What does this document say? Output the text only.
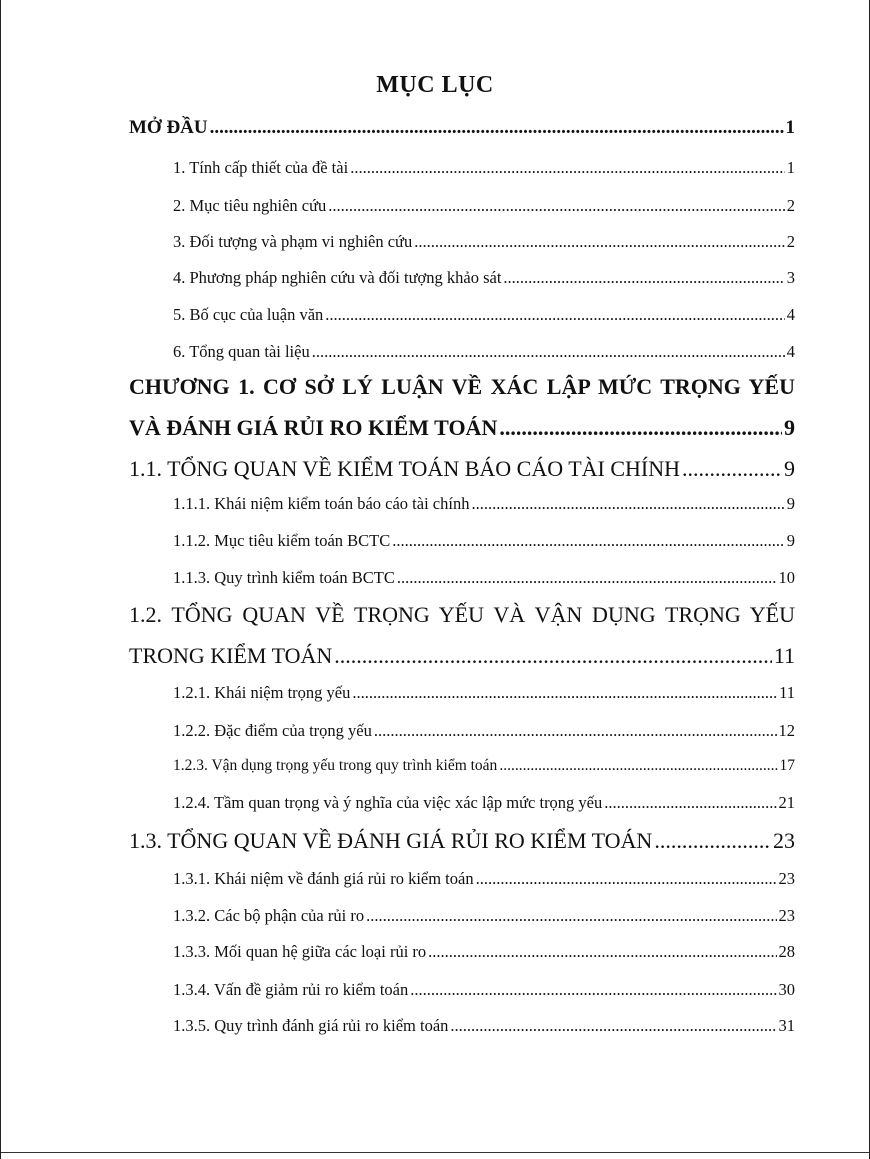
MỤC LỤC
MỞ ĐẦU .....	1
1. Tính cấp thiết của đề tài .....	1
2. Mục tiêu nghiên cứu .....	2
3. Đối tượng và phạm vi nghiên cứu .....	2
4. Phương pháp nghiên cứu và đối tượng khảo sát .....	3
5. Bố cục của luận văn .....	4
6. Tổng quan tài liệu .....	4
CHƯƠNG 1. CƠ SỞ LÝ LUẬN VỀ XÁC LẬP MỨC TRỌNG YẾU
VÀ ĐÁNH GIÁ RỦI RO KIỂM TOÁN .....	9
1.1. TỔNG QUAN VỀ KIỂM TOÁN BÁO CÁO TÀI CHÍNH .....	9
1.1.1. Khái niệm kiểm toán báo cáo tài chính .....	9
1.1.2. Mục tiêu kiểm toán BCTC .....	9
1.1.3. Quy trình kiểm toán BCTC .....	10
1.2. TỔNG QUAN VỀ TRỌNG YẾU VÀ VẬN DỤNG TRỌNG YẾU
TRONG KIỂM TOÁN .....	11
1.2.1. Khái niệm trọng yếu .....	11
1.2.2. Đặc điểm của trọng yếu .....	12
1.2.3. Vận dụng trọng yếu trong quy trình kiểm toán .....	17
1.2.4. Tầm quan trọng và ý nghĩa của việc xác lập mức trọng yếu .....	21
1.3. TỔNG QUAN VỀ ĐÁNH GIÁ RỦI RO KIỂM TOÁN .....	23
1.3.1. Khái niệm về đánh giá rủi ro kiểm toán .....	23
1.3.2. Các bộ phận của rủi ro .....	23
1.3.3. Mối quan hệ giữa các loại rủi ro .....	28
1.3.4. Vấn đề giảm rủi ro kiểm toán .....	30
1.3.5. Quy trình đánh giá rủi ro kiểm toán .....	31
